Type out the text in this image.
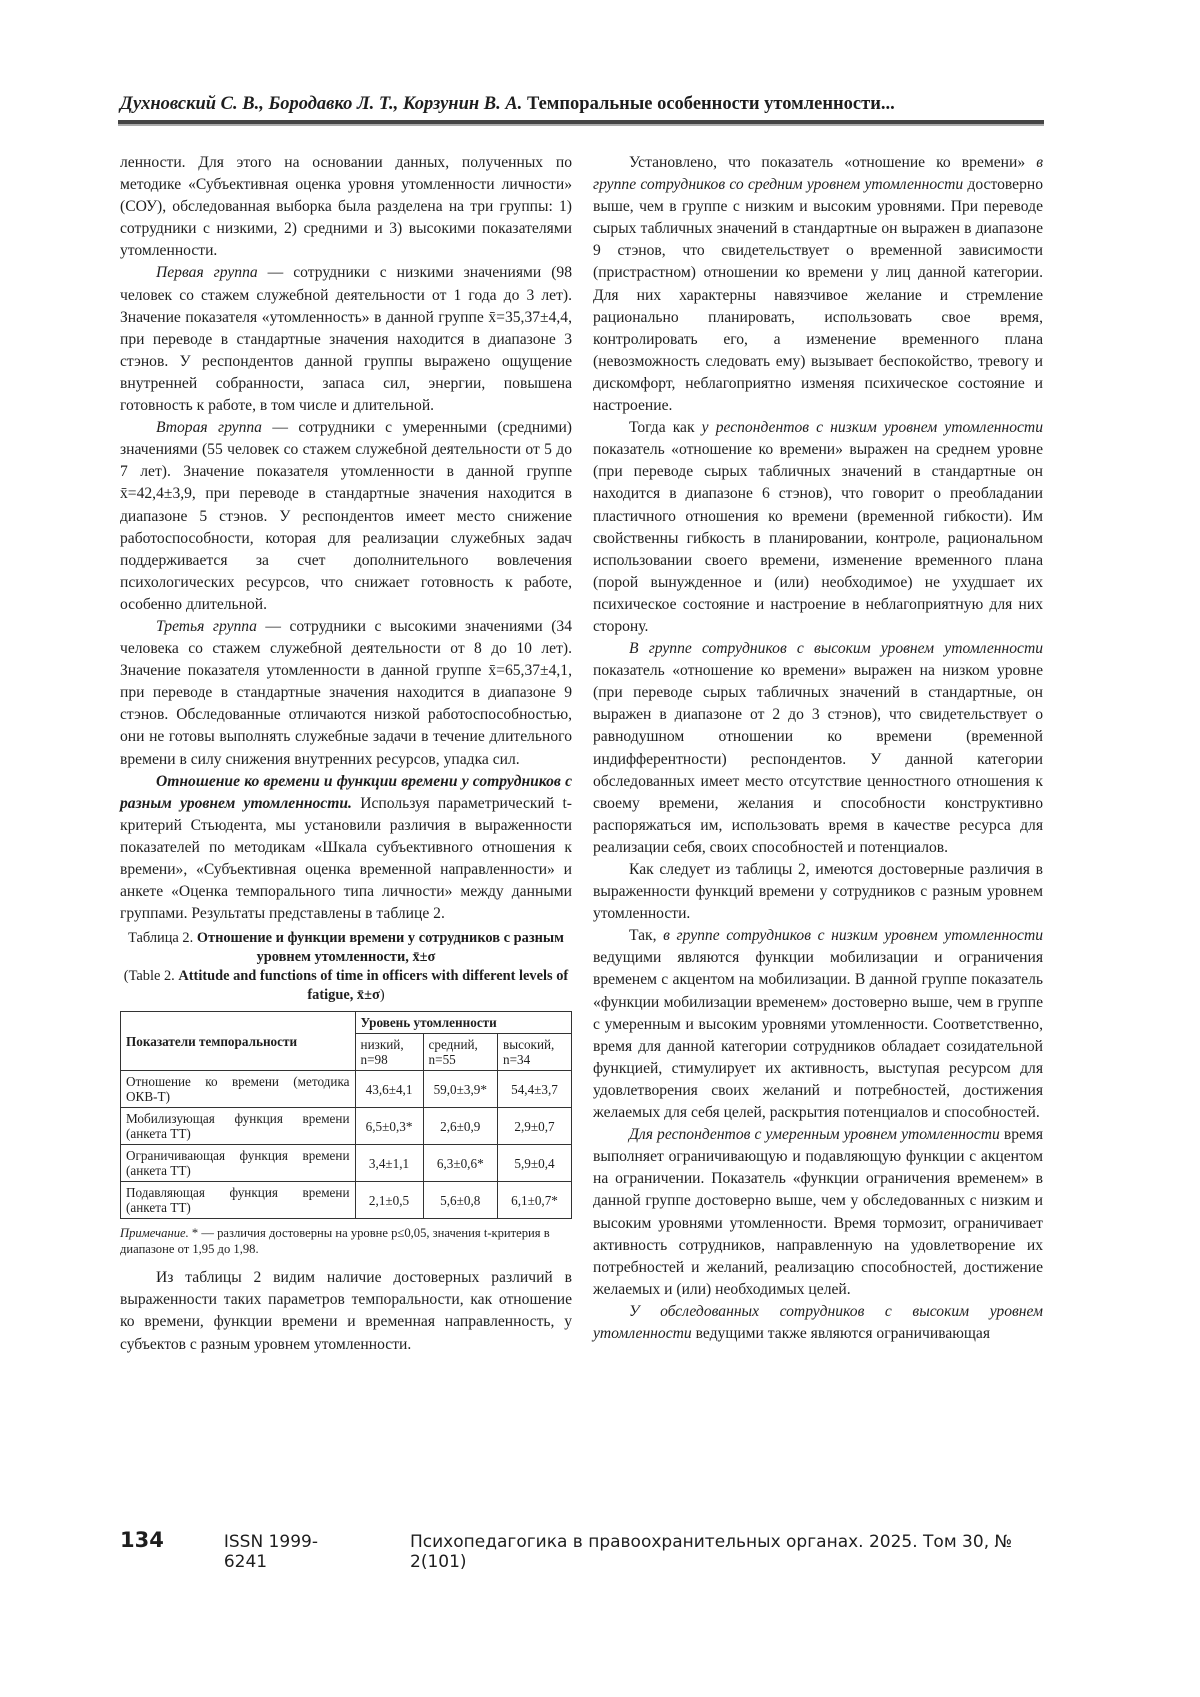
Духновский С. В., Бородавко Л. Т., Корзунин В. А. Темпоральные особенности утомленности...

ленности. Для этого на основании данных, полученных по методике «Субъективная оценка уровня утомленности личности» (СОУ), обследованная выборка была разделена на три группы: 1) сотрудники с низкими, 2) средними и 3) высокими показателями утомленности.

Первая группа — сотрудники с низкими значениями (98 человек со стажем служебной деятельности от 1 года до 3 лет). Значение показателя «утомленность» в данной группе x̄=35,37±4,4, при переводе в стандартные значения находится в диапазоне 3 стэнов. У респондентов данной группы выражено ощущение внутренней собранности, запаса сил, энергии, повышена готовность к работе, в том числе и длительной.

Вторая группа — сотрудники с умеренными (средними) значениями (55 человек со стажем служебной деятельности от 5 до 7 лет). Значение показателя утомленности в данной группе x̄=42,4±3,9, при переводе в стандартные значения находится в диапазоне 5 стэнов. У респондентов имеет место снижение работоспособности, которая для реализации служебных задач поддерживается за счет дополнительного вовлечения психологических ресурсов, что снижает готовность к работе, особенно длительной.

Третья группа — сотрудники с высокими значениями (34 человека со стажем служебной деятельности от 8 до 10 лет). Значение показателя утомленности в данной группе x̄=65,37±4,1, при переводе в стандартные значения находится в диапазоне 9 стэнов. Обследованные отличаются низкой работоспособностью, они не готовы выполнять служебные задачи в течение длительного времени в силу снижения внутренних ресурсов, упадка сил.

Отношение ко времени и функции времени у сотрудников с разным уровнем утомленности. Используя параметрический t-критерий Стьюдента, мы установили различия в выраженности показателей по методикам «Шкала субъективного отношения к времени», «Субъективная оценка временной направленности» и анкете «Оценка темпорального типа личности» между данными группами. Результаты представлены в таблице 2.

Таблица 2. Отношение и функции времени у сотрудников с разным уровнем утомленности, x̄±σ
(Table 2. Attitude and functions of time in officers with different levels of fatigue, x̄±σ)
Показатели темпоральности	Уровень утомленности		
	низкий, n=98	средний, n=55	высокий, n=34
Отношение ко времени (методика ОКВ-Т)	43,6±4,1	59,0±3,9*	54,4±3,7
Мобилизующая функция времени (анкета ТТ)	6,5±0,3*	2,6±0,9	2,9±0,7
Ограничивающая функция времени (анкета ТТ)	3,4±1,1	6,3±0,6*	5,9±0,4
Подавляющая функция времени (анкета ТТ)	2,1±0,5	5,6±0,8	6,1±0,7*
Примечание. * — различия достоверны на уровне p≤0,05, значения t-критерия в диапазоне от 1,95 до 1,98.

Из таблицы 2 видим наличие достоверных различий в выраженности таких параметров темпоральности, как отношение ко времени, функции времени и временная направленность, у субъектов с разным уровнем утомленности.

Установлено, что показатель «отношение ко времени» в группе сотрудников со средним уровнем утомленности достоверно выше, чем в группе с низким и высоким уровнями. При переводе сырых табличных значений в стандартные он выражен в диапазоне 9 стэнов, что свидетельствует о временной зависимости (пристрастном) отношении ко времени у лиц данной категории. Для них характерны навязчивое желание и стремление рационально планировать, использовать свое время, контролировать его, а изменение временного плана (невозможность следовать ему) вызывает беспокойство, тревогу и дискомфорт, неблагоприятно изменяя психическое состояние и настроение.

Тогда как у респондентов с низким уровнем утомленности показатель «отношение ко времени» выражен на среднем уровне (при переводе сырых табличных значений в стандартные он находится в диапазоне 6 стэнов), что говорит о преобладании пластичного отношения ко времени (временной гибкости). Им свойственны гибкость в планировании, контроле, рациональном использовании своего времени, изменение временного плана (порой вынужденное и (или) необходимое) не ухудшает их психическое состояние и настроение в неблагоприятную для них сторону.

В группе сотрудников с высоким уровнем утомленности показатель «отношение ко времени» выражен на низком уровне (при переводе сырых табличных значений в стандартные, он выражен в диапазоне от 2 до 3 стэнов), что свидетельствует о равнодушном отношении ко времени (временной индифферентности) респондентов. У данной категории обследованных имеет место отсутствие ценностного отношения к своему времени, желания и способности конструктивно распоряжаться им, использовать время в качестве ресурса для реализации себя, своих способностей и потенциалов.

Как следует из таблицы 2, имеются достоверные различия в выраженности функций времени у сотрудников с разным уровнем утомленности.

Так, в группе сотрудников с низким уровнем утомленности ведущими являются функции мобилизации и ограничения временем с акцентом на мобилизации. В данной группе показатель «функции мобилизации временем» достоверно выше, чем в группе с умеренным и высоким уровнями утомленности. Соответственно, время для данной категории сотрудников обладает созидательной функцией, стимулирует их активность, выступая ресурсом для удовлетворения своих желаний и потребностей, достижения желаемых для себя целей, раскрытия потенциалов и способностей.

Для респондентов с умеренным уровнем утомленности время выполняет ограничивающую и подавляющую функции с акцентом на ограничении. Показатель «функции ограничения временем» в данной группе достоверно выше, чем у обследованных с низким и высоким уровнями утомленности. Время тормозит, ограничивает активность сотрудников, направленную на удовлетворение их потребностей и желаний, реализацию способностей, достижение желаемых и (или) необходимых целей.

У обследованных сотрудников с высоким уровнем утомленности ведущими также являются ограничивающая

134	ISSN 1999-6241
Психопедагогика в правоохранительных органах. 2025. Том 30, № 2(101)
